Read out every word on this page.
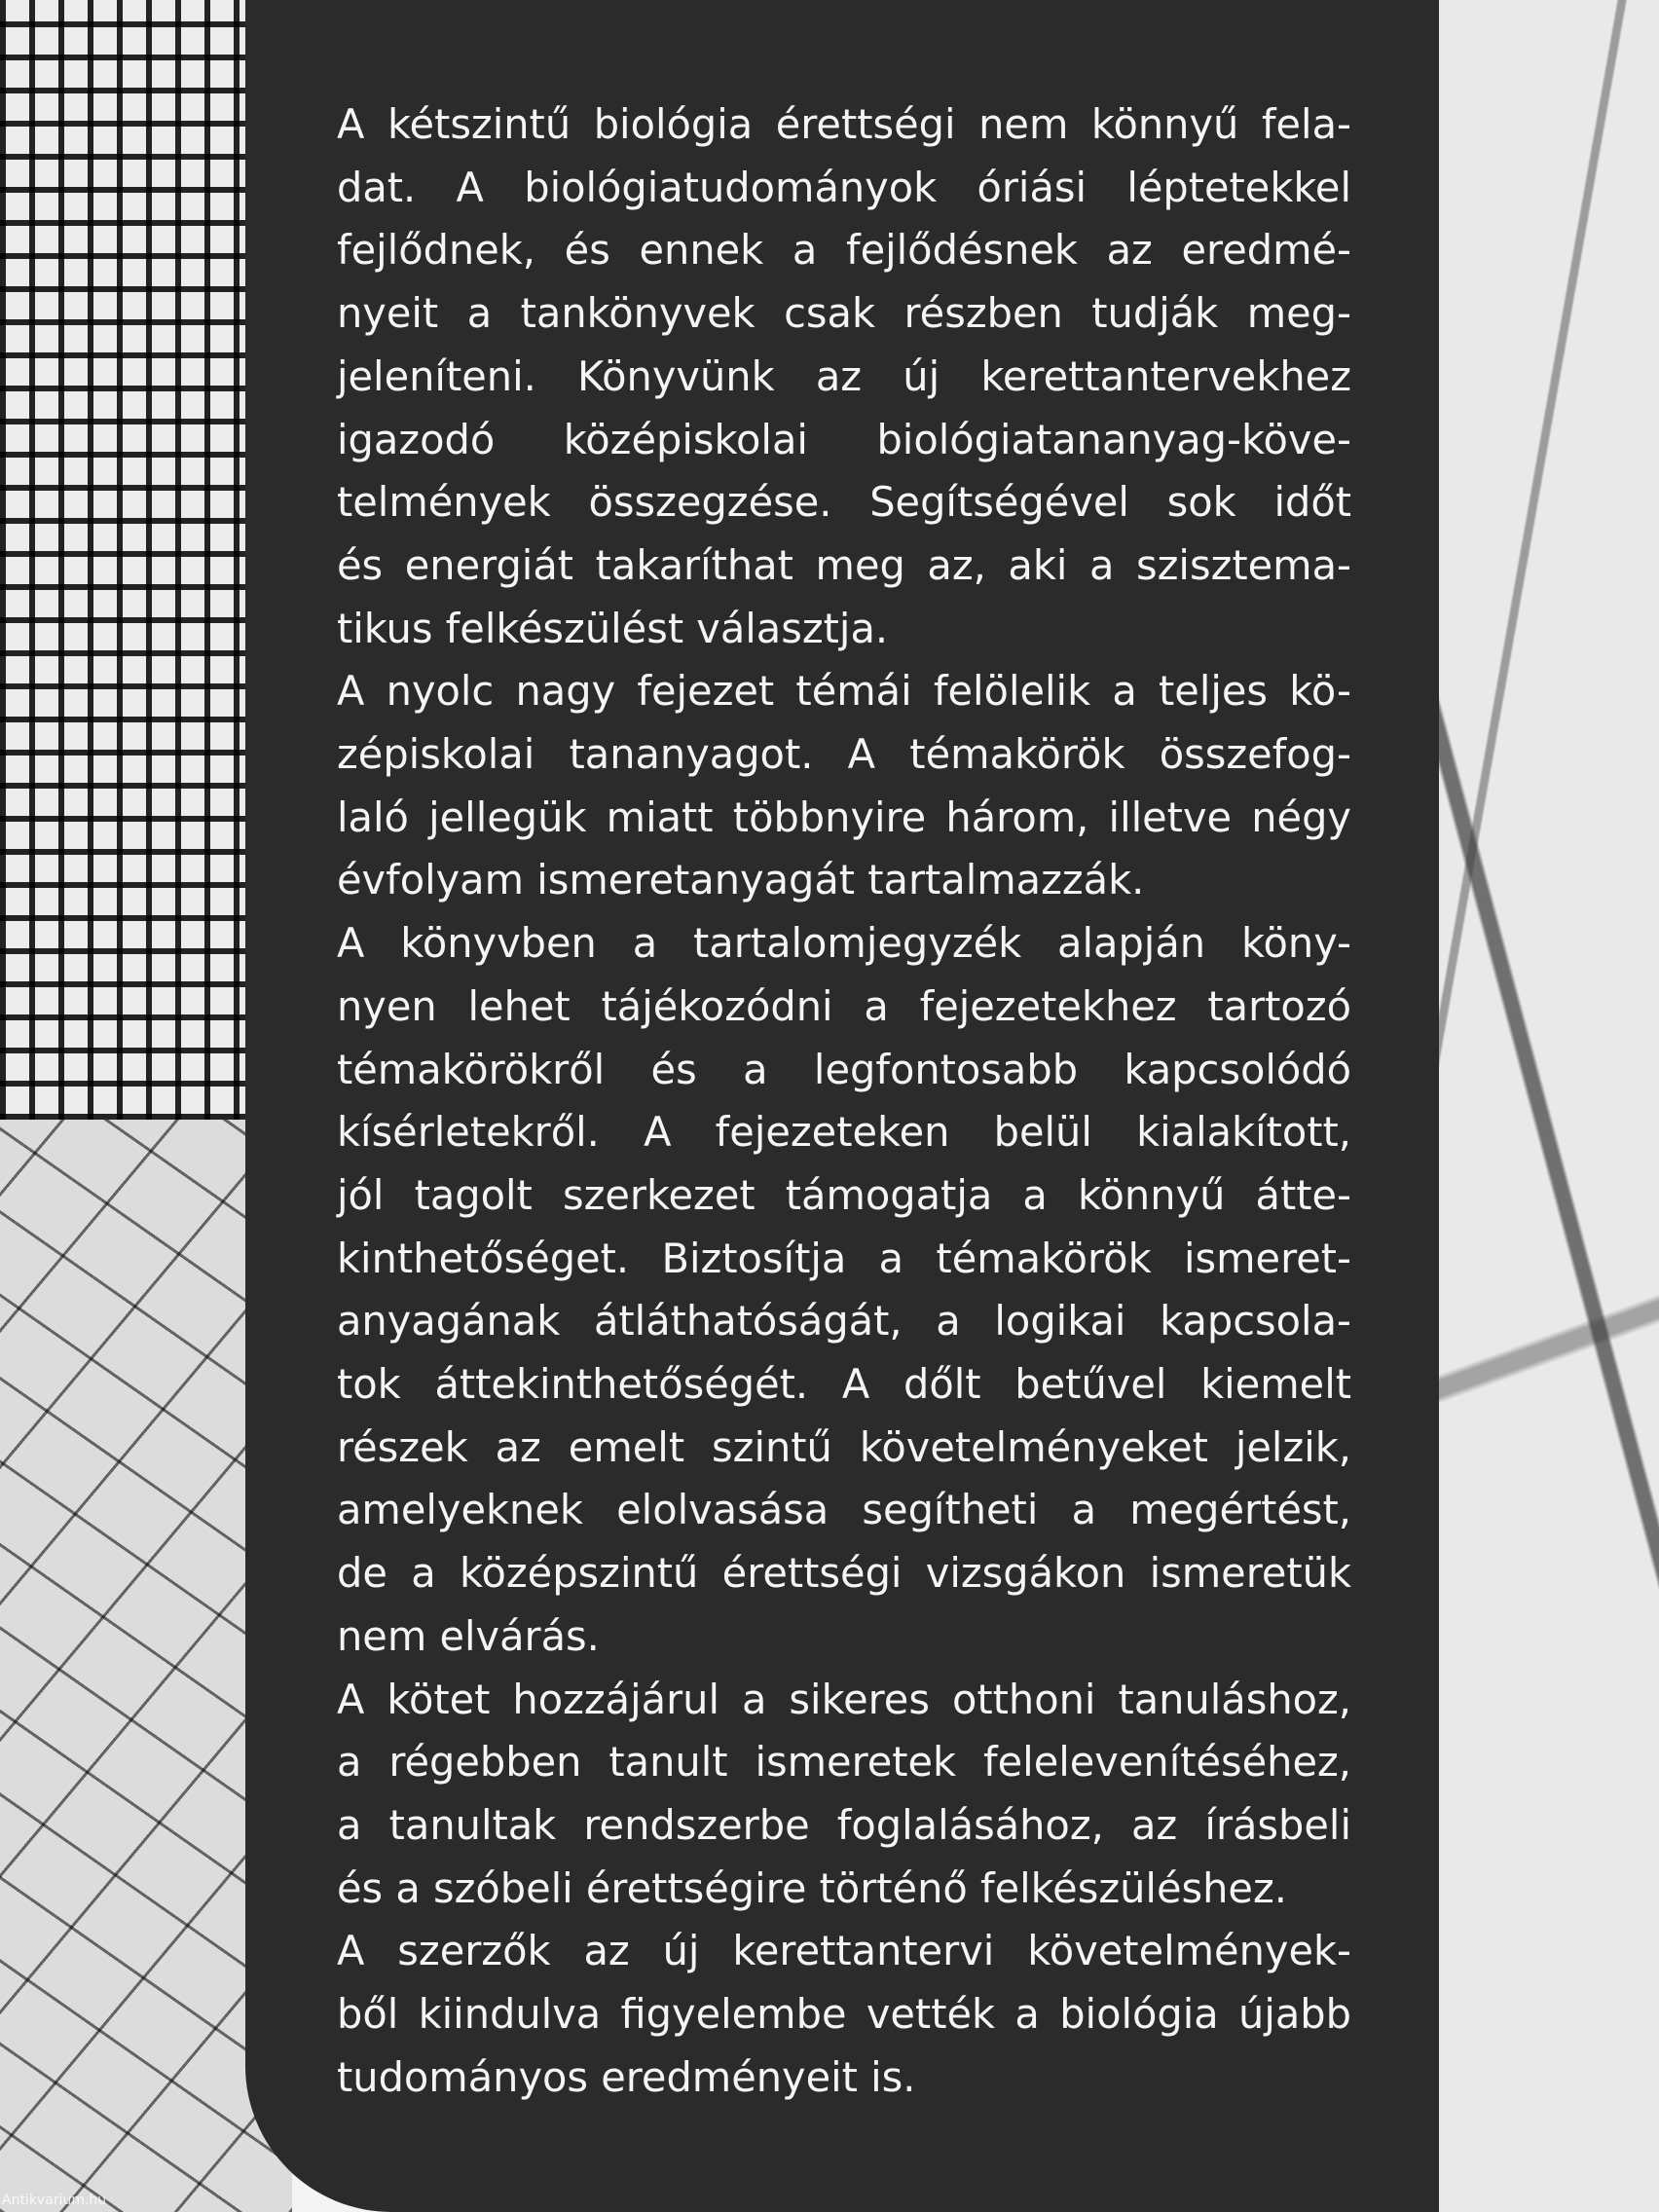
A kétszintű biológia érettségi nem könnyű fela-

dat. A biológiatudományok óriási léptetekkel

fejlődnek, és ennek a fejlődésnek az eredmé-

nyeit a tankönyvek csak részben tudják meg-

jeleníteni. Könyvünk az új kerettantervekhez

igazodó középiskolai biológiatananyag-köve-

telmények összegzése. Segítségével sok időt

és energiát takaríthat meg az, aki a szisztema-

tikus felkészülést választja.

A nyolc nagy fejezet témái felölelik a teljes kö-

zépiskolai tananyagot. A témakörök összefog-

laló jellegük miatt többnyire három, illetve négy

évfolyam ismeretanyagát tartalmazzák.

A könyvben a tartalomjegyzék alapján köny-

nyen lehet tájékozódni a fejezetekhez tartozó

témakörökről és a legfontosabb kapcsolódó

kísérletekről. A fejezeteken belül kialakított,

jól tagolt szerkezet támogatja a könnyű átte-

kinthetőséget. Biztosítja a témakörök ismeret-

anyagának átláthatóságát, a logikai kapcsola-

tok áttekinthetőségét. A dőlt betűvel kiemelt

részek az emelt szintű követelményeket jelzik,

amelyeknek elolvasása segítheti a megértést,

de a középszintű érettségi vizsgákon ismeretük

nem elvárás.

A kötet hozzájárul a sikeres otthoni tanuláshoz,

a régebben tanult ismeretek felelevenítéséhez,

a tanultak rendszerbe foglalásához, az írásbeli

és a szóbeli érettségire történő felkészüléshez.

A szerzők az új kerettantervi követelmények-

ből kiindulva figyelembe vették a biológia újabb

tudományos eredményeit is.

Antikvarium.hu
